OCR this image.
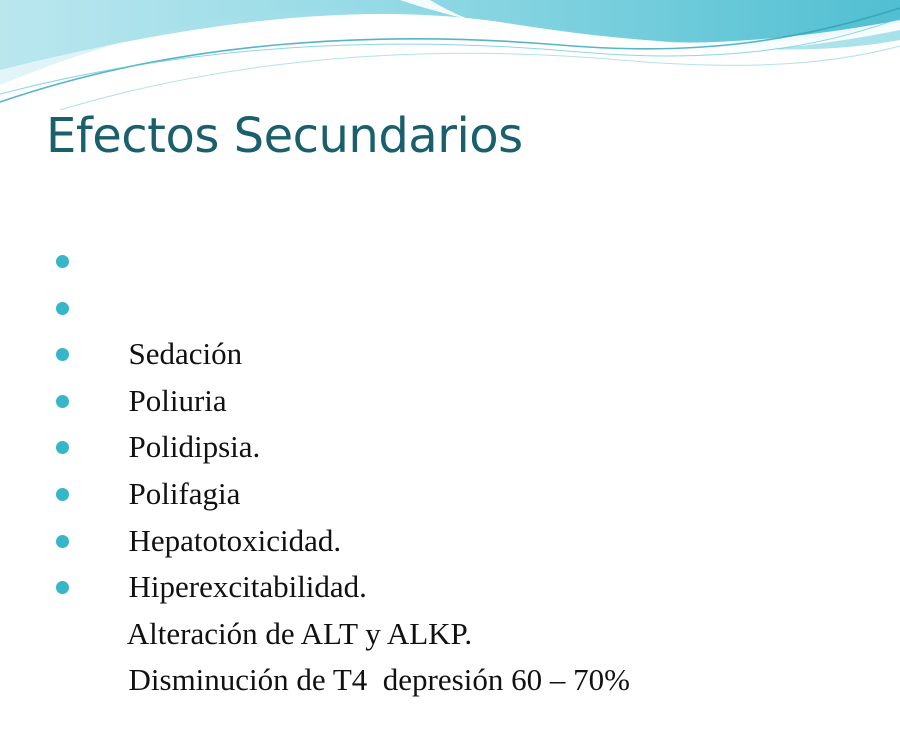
Efectos Secundarios

Sedación

Poliuria

Polidipsia.

Polifagia

Hepatotoxicidad.

Hiperexcitabilidad.

Alteración de ALT y ALKP.

Disminución de T4  depresión 60 – 70%
